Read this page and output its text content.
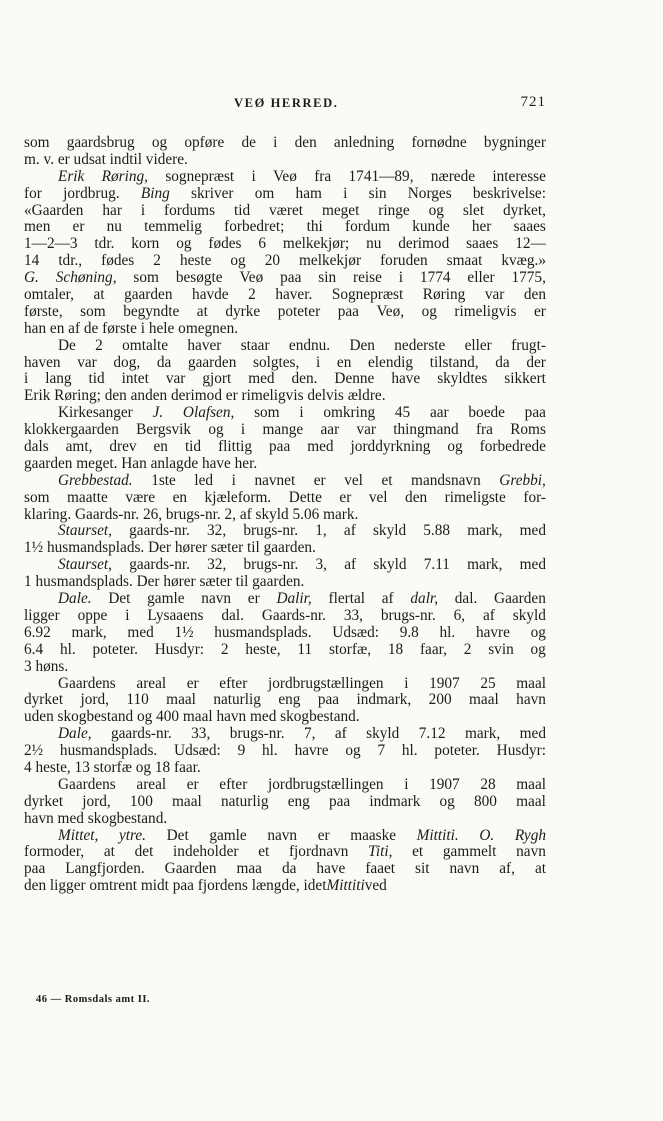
VEØ HERRED.	721
som gaardsbrug og opføre de i den anledning fornødne bygninger
m. v. er udsat indtil videre.
Erik Røring, sognepræst i Veø fra 1741—89, nærede interesse
for jordbrug. Bing skriver om ham i sin Norges beskrivelse:
«Gaarden har i fordums tid været meget ringe og slet dyrket,
men er nu temmelig forbedret; thi fordum kunde her saaes
1—2—3 tdr. korn og fødes 6 melkekjør; nu derimod saaes 12—
14 tdr., fødes 2 heste og 20 melkekjør foruden smaat kvæg.»
G. Schøning, som besøgte Veø paa sin reise i 1774 eller 1775,
omtaler, at gaarden havde 2 haver. Sognepræst Røring var den
første, som begyndte at dyrke poteter paa Veø, og rimeligvis er
han en af de første i hele omegnen.
De 2 omtalte haver staar endnu. Den nederste eller frugt-
haven var dog, da gaarden solgtes, i en elendig tilstand, da der
i lang tid intet var gjort med den. Denne have skyldtes sikkert
Erik Røring; den anden derimod er rimeligvis delvis ældre.
Kirkesanger J. Olafsen, som i omkring 45 aar boede paa
klokkergaarden Bergsvik og i mange aar var thingmand fra Roms
dals amt, drev en tid flittig paa med jorddyrkning og forbedrede
gaarden meget. Han anlagde have her.
Grebbestad. 1ste led i navnet er vel et mandsnavn Grebbi,
som maatte være en kjæleform. Dette er vel den rimeligste for-
klaring. Gaards-nr. 26, brugs-nr. 2, af skyld 5.06 mark.
Staurset, gaards-nr. 32, brugs-nr. 1, af skyld 5.88 mark, med
1½ husmandsplads. Der hører sæter til gaarden.
Staurset, gaards-nr. 32, brugs-nr. 3, af skyld 7.11 mark, med
1 husmandsplads. Der hører sæter til gaarden.
Dale. Det gamle navn er Dalir, flertal af dalr, dal. Gaarden
ligger oppe i Lysaaens dal. Gaards-nr. 33, brugs-nr. 6, af skyld
6.92 mark, med 1½ husmandsplads. Udsæd: 9.8 hl. havre og
6.4 hl. poteter. Husdyr: 2 heste, 11 storfæ, 18 faar, 2 svin og
3 høns.
Gaardens areal er efter jordbrugstællingen i 1907 25 maal
dyrket jord, 110 maal naturlig eng paa indmark, 200 maal havn
uden skogbestand og 400 maal havn med skogbestand.
Dale, gaards-nr. 33, brugs-nr. 7, af skyld 7.12 mark, med
2½ husmandsplads. Udsæd: 9 hl. havre og 7 hl. poteter. Husdyr:
4 heste, 13 storfæ og 18 faar.
Gaardens areal er efter jordbrugstællingen i 1907 28 maal
dyrket jord, 100 maal naturlig eng paa indmark og 800 maal
havn med skogbestand.
Mittet, ytre. Det gamle navn er maaske Mittiti. O. Rygh
formoder, at det indeholder et fjordnavn Titi, et gammelt navn
paa Langfjorden. Gaarden maa da have faaet sit navn af, at
den ligger omtrent midt paa fjordens længde, idet Mittiti ved
46 — Romsdals amt II.
